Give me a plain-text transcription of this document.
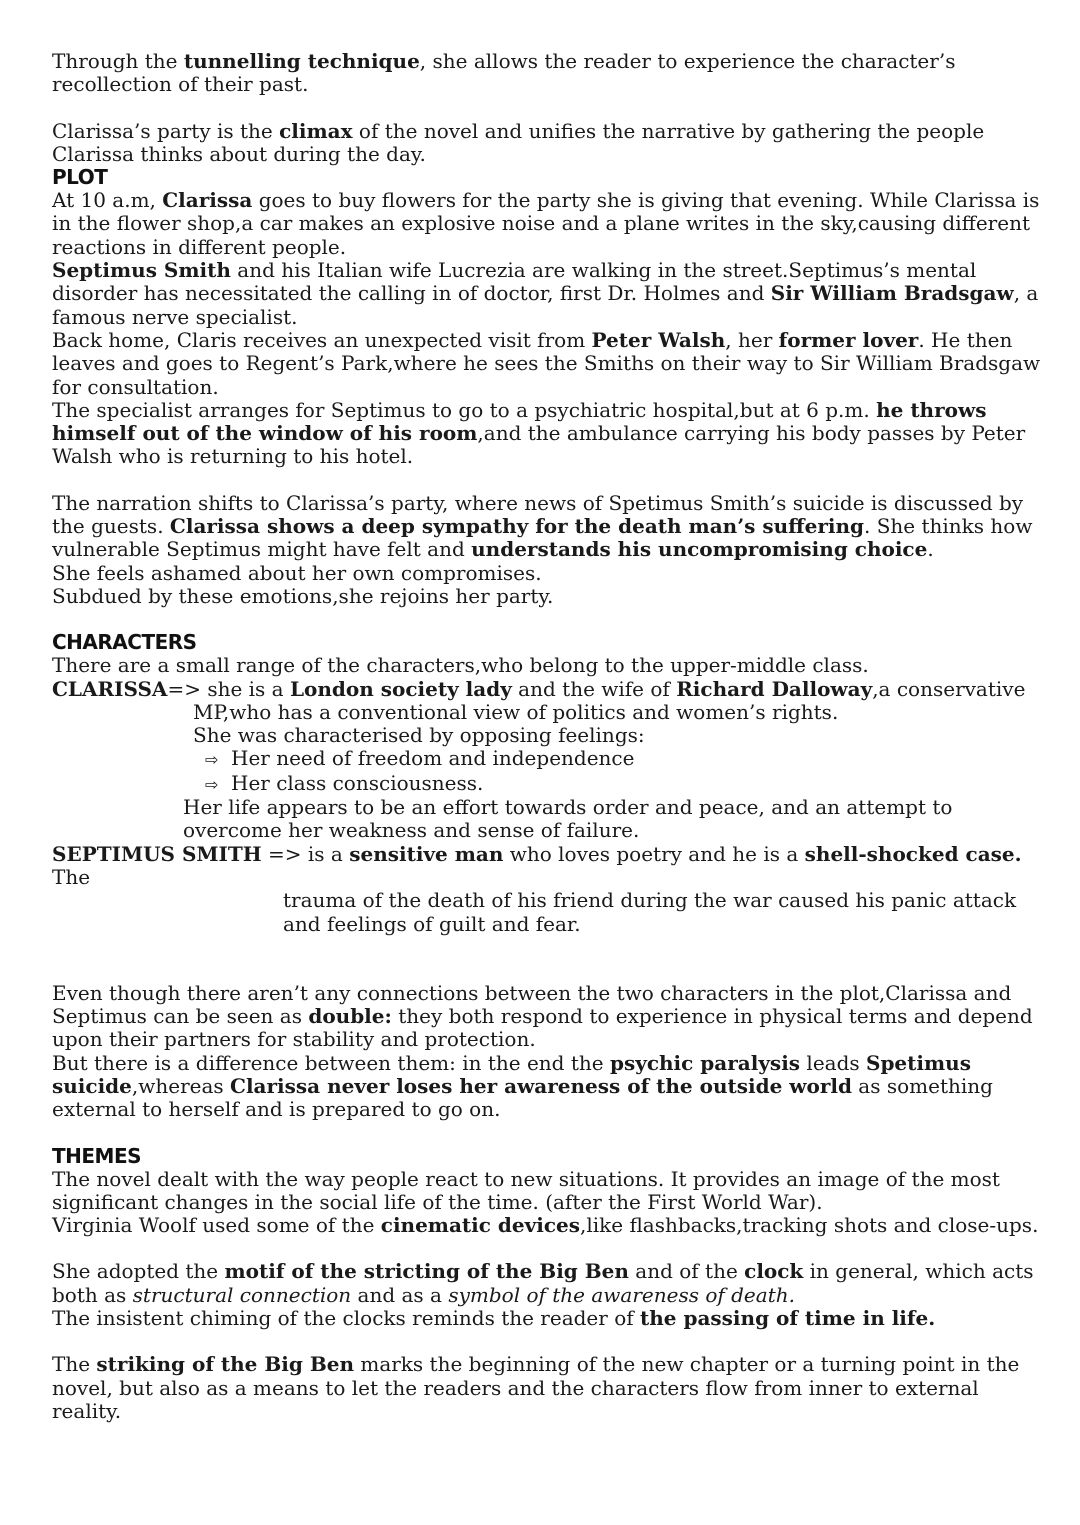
Through the tunnelling technique, she allows the reader to experience the character’s recollection of their past.

Clarissa’s party is the climax of the novel and unifies the narrative by gathering the people Clarissa thinks about during the day.

PLOT

At 10 a.m, Clarissa goes to buy flowers for the party she is giving that evening. While Clarissa is in the flower shop,a car makes an explosive noise and a plane writes in the sky,causing different reactions in different people.

Septimus Smith and his Italian wife Lucrezia are walking in the street.Septimus’s mental disorder has necessitated the calling in of doctor, first Dr. Holmes and Sir William Bradsgaw, a famous nerve specialist.

Back home, Claris receives an unexpected visit from Peter Walsh, her former lover. He then leaves and goes to Regent’s Park,where he sees the Smiths on their way to Sir William Bradsgaw for consultation.

The specialist arranges for Septimus to go to a psychiatric hospital,but at 6 p.m. he throws himself out of the window of his room,and the ambulance carrying his body passes by Peter Walsh who is returning to his hotel.

The narration shifts to Clarissa’s party, where news of Spetimus Smith’s suicide is discussed by the guests. Clarissa shows a deep sympathy for the death man’s suffering. She thinks how vulnerable Septimus might have felt and understands his uncompromising choice.

She feels ashamed about her own compromises.

Subdued by these emotions,she rejoins her party.

CHARACTERS

There are a small range of the characters,who belong to the upper-middle class.

CLARISSA=> she is a London society lady and the wife of Richard Dalloway,a conservative

MP,who has a conventional view of politics and women’s rights.

She was characterised by opposing feelings:

⇨ Her need of freedom and independence

⇨ Her class consciousness.

Her life appears to be an effort towards order and peace, and an attempt to

overcome her weakness and sense of failure.

SEPTIMUS SMITH => is a sensitive man who loves poetry and he is a shell-shocked case. The

trauma of the death of his friend during the war caused his panic attack

and feelings of guilt and fear.

Even though there aren’t any connections between the two characters in the plot,Clarissa and Septimus can be seen as double: they both respond to experience in physical terms and depend upon their partners for stability and protection.

But there is a difference between them: in the end the psychic paralysis leads Spetimus suicide,whereas Clarissa never loses her awareness of the outside world as something external to herself and is prepared to go on.

THEMES

The novel dealt with the way people react to new situations. It provides an image of the most significant changes in the social life of the time. (after the First World War).

Virginia Woolf used some of the cinematic devices,like flashbacks,tracking shots and close-ups.

She adopted the motif of the stricting of the Big Ben and of the clock in general, which acts both as structural connection and as a symbol of the awareness of death.

The insistent chiming of the clocks reminds the reader of the passing of time in life.

The striking of the Big Ben marks the beginning of the new chapter or a turning point in the novel, but also as a means to let the readers and the characters flow from inner to external reality.
